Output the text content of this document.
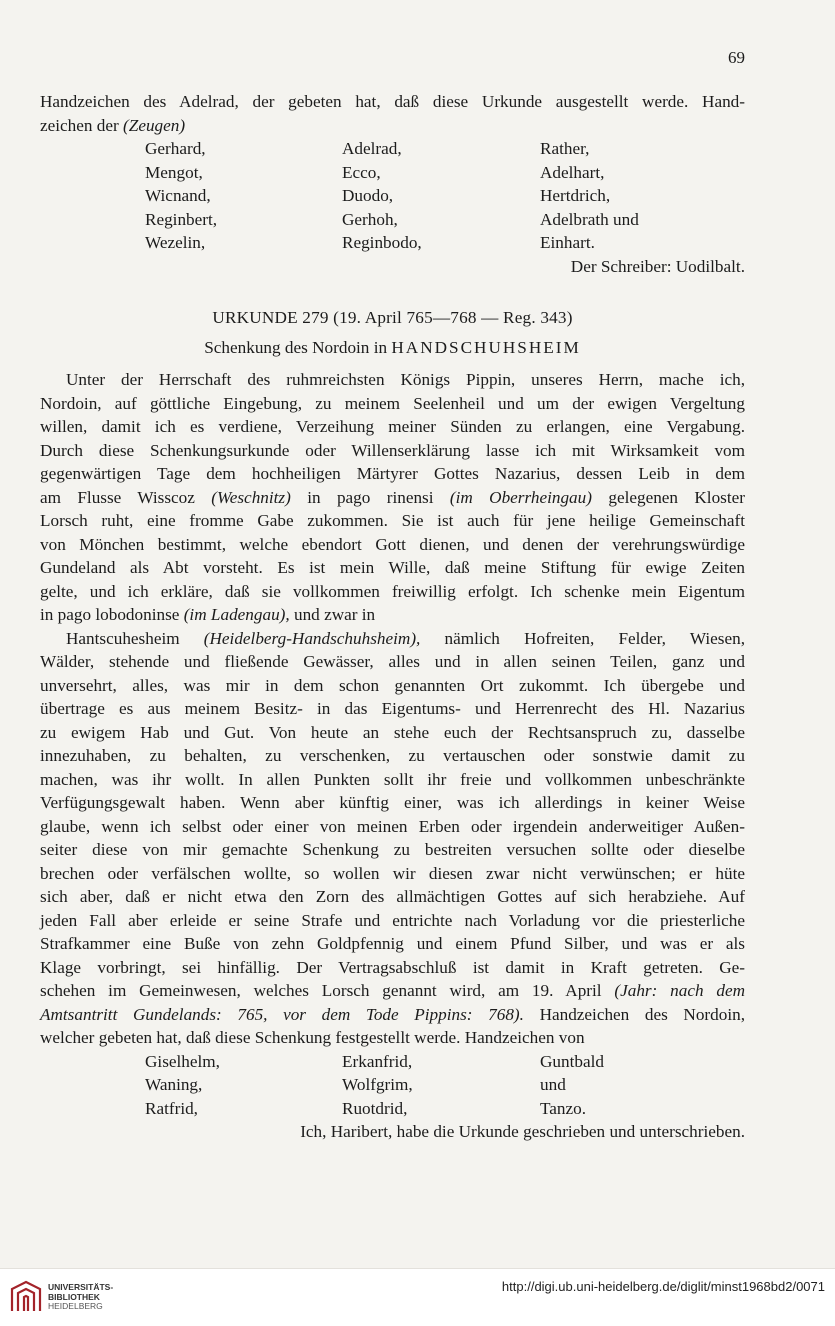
69
Handzeichen des Adelrad, der gebeten hat, daß diese Urkunde ausgestellt werde. Hand-
zeichen der (Zeugen)
Gerhard,	Adelrad,	Rather,
Mengot,	Ecco,	Adelhart,
Wicnand,	Duodo,	Hertdrich,
Reginbert,	Gerhoh,	Adelbrath und
Wezelin,	Reginbodo,	Einhart.
Der Schreiber: Uodilbalt.
URKUNDE 279 (19. April 765—768 — Reg. 343)
Schenkung des Nordoin in HANDSCHUHSHEIM
Unter der Herrschaft des ruhmreichsten Königs Pippin, unseres Herrn, mache ich,
Nordoin, auf göttliche Eingebung, zu meinem Seelenheil und um der ewigen Vergeltung
willen, damit ich es verdiene, Verzeihung meiner Sünden zu erlangen, eine Vergabung.
Durch diese Schenkungsurkunde oder Willenserklärung lasse ich mit Wirksamkeit vom
gegenwärtigen Tage dem hochheiligen Märtyrer Gottes Nazarius, dessen Leib in dem
am Flusse Wisscoz (Weschnitz) in pago rinensi (im Oberrheingau) gelegenen Kloster
Lorsch ruht, eine fromme Gabe zukommen. Sie ist auch für jene heilige Gemeinschaft
von Mönchen bestimmt, welche ebendort Gott dienen, und denen der verehrungswürdige
Gundeland als Abt vorsteht. Es ist mein Wille, daß meine Stiftung für ewige Zeiten
gelte, und ich erkläre, daß sie vollkommen freiwillig erfolgt. Ich schenke mein Eigentum
in pago lobodoninse (im Ladengau), und zwar in
Hantscuhesheim (Heidelberg-Handschuhsheim), nämlich Hofreiten, Felder, Wiesen,
Wälder, stehende und fließende Gewässer, alles und in allen seinen Teilen, ganz und
unversehrt, alles, was mir in dem schon genannten Ort zukommt. Ich übergebe und
übertrage es aus meinem Besitz- in das Eigentums- und Herrenrecht des Hl. Nazarius
zu ewigem Hab und Gut. Von heute an stehe euch der Rechtsanspruch zu, dasselbe
innezuhaben, zu behalten, zu verschenken, zu vertauschen oder sonstwie damit zu
machen, was ihr wollt. In allen Punkten sollt ihr freie und vollkommen unbeschränkte
Verfügungsgewalt haben. Wenn aber künftig einer, was ich allerdings in keiner Weise
glaube, wenn ich selbst oder einer von meinen Erben oder irgendein anderweitiger Außen-
seiter diese von mir gemachte Schenkung zu bestreiten versuchen sollte oder dieselbe
brechen oder verfälschen wollte, so wollen wir diesen zwar nicht verwünschen; er hüte
sich aber, daß er nicht etwa den Zorn des allmächtigen Gottes auf sich herabziehe. Auf
jeden Fall aber erleide er seine Strafe und entrichte nach Vorladung vor die priesterliche
Strafkammer eine Buße von zehn Goldpfennig und einem Pfund Silber, und was er als
Klage vorbringt, sei hinfällig. Der Vertragsabschluß ist damit in Kraft getreten. Ge-
schehen im Gemeinwesen, welches Lorsch genannt wird, am 19. April (Jahr: nach dem
Amtsantritt Gundelands: 765, vor dem Tode Pippins: 768). Handzeichen des Nordoin,
welcher gebeten hat, daß diese Schenkung festgestellt werde. Handzeichen von
Giselhelm,	Erkanfrid,	Guntbald
Waning,	Wolfgrim,	und
Ratfrid,	Ruotdrid,	Tanzo.
Ich, Haribert, habe die Urkunde geschrieben und unterschrieben.
UNIVERSITÄTS-
BIBLIOTHEK
HEIDELBERG
http://digi.ub.uni-heidelberg.de/diglit/minst1968bd2/0071
